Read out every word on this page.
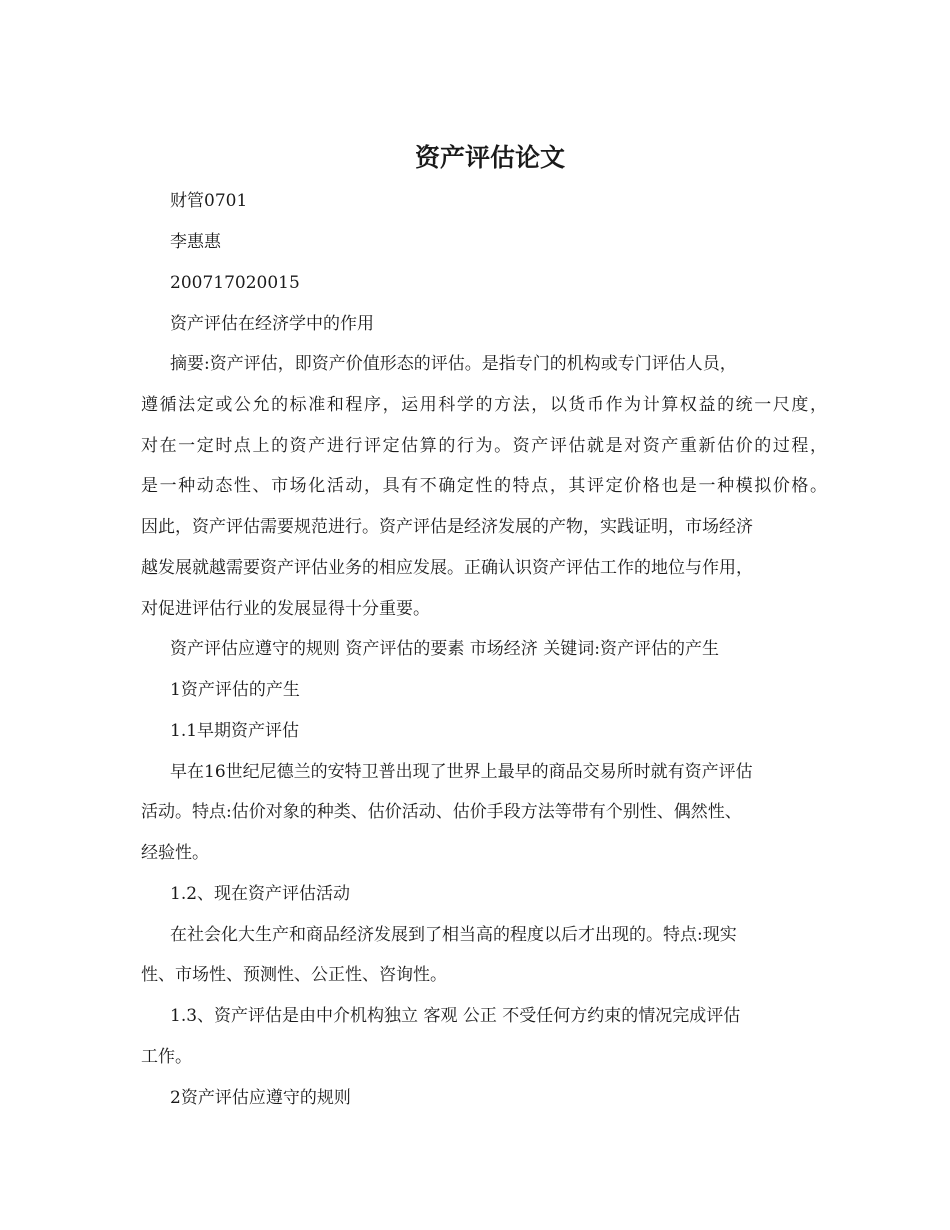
资产评估论文
财管0701
李惠惠
200717020015
资产评估在经济学中的作用
摘要:资产评估，即资产价值形态的评估。是指专门的机构或专门评估人员，
遵循法定或公允的标准和程序，运用科学的方法，以货币作为计算权益的统一尺度，
对在一定时点上的资产进行评定估算的行为。资产评估就是对资产重新估价的过程，
是一种动态性、市场化活动，具有不确定性的特点，其评定价格也是一种模拟价格。
因此，资产评估需要规范进行。资产评估是经济发展的产物，实践证明，市场经济
越发展就越需要资产评估业务的相应发展。正确认识资产评估工作的地位与作用，
对促进评估行业的发展显得十分重要。
资产评估应遵守的规则 资产评估的要素 市场经济 关键词:资产评估的产生
1资产评估的产生
1.1早期资产评估
早在16世纪尼德兰的安特卫普出现了世界上最早的商品交易所时就有资产评估
活动。特点:估价对象的种类、估价活动、估价手段方法等带有个别性、偶然性、
经验性。
1.2、现在资产评估活动
在社会化大生产和商品经济发展到了相当高的程度以后才出现的。特点:现实
性、市场性、预测性、公正性、咨询性。
1.3、资产评估是由中介机构独立 客观 公正 不受任何方约束的情况完成评估
工作。
2资产评估应遵守的规则
